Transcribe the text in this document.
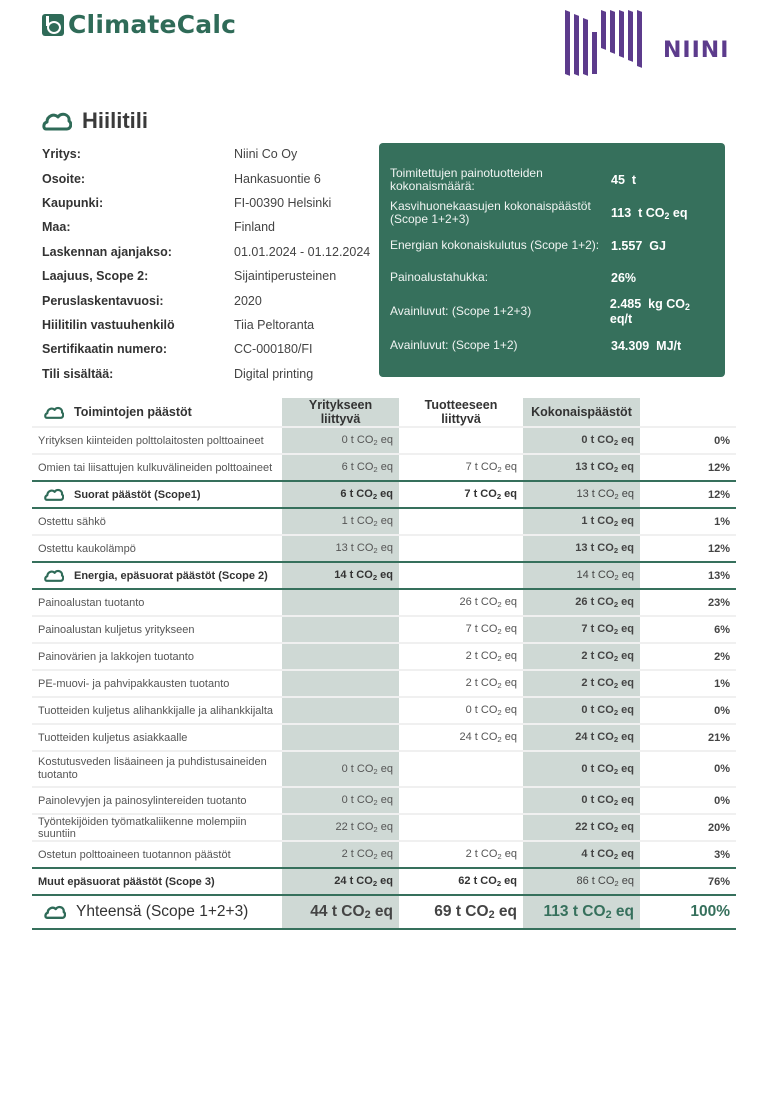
ClimateCalc
NIINI
Hiilitili
Yritys:	Niini Co Oy
Osoite:	Hankasuontie 6
Kaupunki:	FI-00390 Helsinki
Maa:	Finland
Laskennan ajanjakso:	01.01.2024 - 01.12.2024
Laajuus, Scope 2:	Sijaintiperusteinen
Peruslaskentavuosi:	2020
Hiilitilin vastuuhenkilö	Tiia Peltoranta
Sertifikaatin numero:	CC-000180/FI
Tili sisältää:	Digital printing
Toimitettujen painotuotteiden kokonaismäärä:	45  t
Kasvihuonekaasujen kokonaispäästöt (Scope 1+2+3)	113  t $CO_2$ eq
Energian kokonaiskulutus (Scope 1+2): 1.557  GJ
Painoalustahukka:	26%
Avainluvut: (Scope 1+2+3)	2.485  kg $CO_2$ eq/t
Avainluvut: (Scope 1+2)	34.309  MJ/t
Toimintojen päästöt	Yritykseen liittyvä	Tuotteeseen liittyvä	Kokonaispäästöt	
Yrityksen kiinteiden polttolaitosten polttoaineet	0 t $CO_2$ eq		0 t $CO_2$ eq	0%
Omien tai liisattujen kulkuvälineiden polttoaineet	6 t $CO_2$ eq	7 t $CO_2$ eq	13 t $CO_2$ eq	12%

Suorat päästöt (Scope1)	6 t $CO_2$ eq	7 t $CO_2$ eq	13 t $CO_2$ eq	12%
Ostettu sähkö	1 t $CO_2$ eq		1 t $CO_2$ eq	1%
Ostettu kaukolämpö	13 t $CO_2$ eq		13 t $CO_2$ eq	12%

Energia, epäsuorat päästöt (Scope 2)	14 t $CO_2$ eq		14 t $CO_2$ eq	13%
Painoalustan tuotanto		26 t $CO_2$ eq	26 t $CO_2$ eq	23%
Painoalustan kuljetus yritykseen		7 t $CO_2$ eq	7 t $CO_2$ eq	6%
Painovärien ja lakkojen tuotanto		2 t $CO_2$ eq	2 t $CO_2$ eq	2%
PE-muovi- ja pahvipakkausten tuotanto		2 t $CO_2$ eq	2 t $CO_2$ eq	1%
Tuotteiden kuljetus alihankkijalle ja alihankkijalta		0 t $CO_2$ eq	0 t $CO_2$ eq	0%
Tuotteiden kuljetus asiakkaalle		24 t $CO_2$ eq	24 t $CO_2$ eq	21%
Kostutusveden lisäaineen ja puhdistusaineiden tuotanto	0 t $CO_2$ eq		0 t $CO_2$ eq	0%
Painolevyjen ja painosylintereiden tuotanto	0 t $CO_2$ eq		0 t $CO_2$ eq	0%
Työntekijöiden työmatkaliikenne molempiin suuntiin	22 t $CO_2$ eq		22 t $CO_2$ eq	20%
Ostetun polttoaineen tuotannon päästöt	2 t $CO_2$ eq	2 t $CO_2$ eq	4 t $CO_2$ eq	3%
Muut epäsuorat päästöt (Scope 3)	24 t $CO_2$ eq	62 t $CO_2$ eq	86 t $CO_2$ eq	76%

Yhteensä (Scope 1+2+3)	44 t $CO_2$ eq	69 t $CO_2$ eq	113 t $CO_2$ eq	100%
